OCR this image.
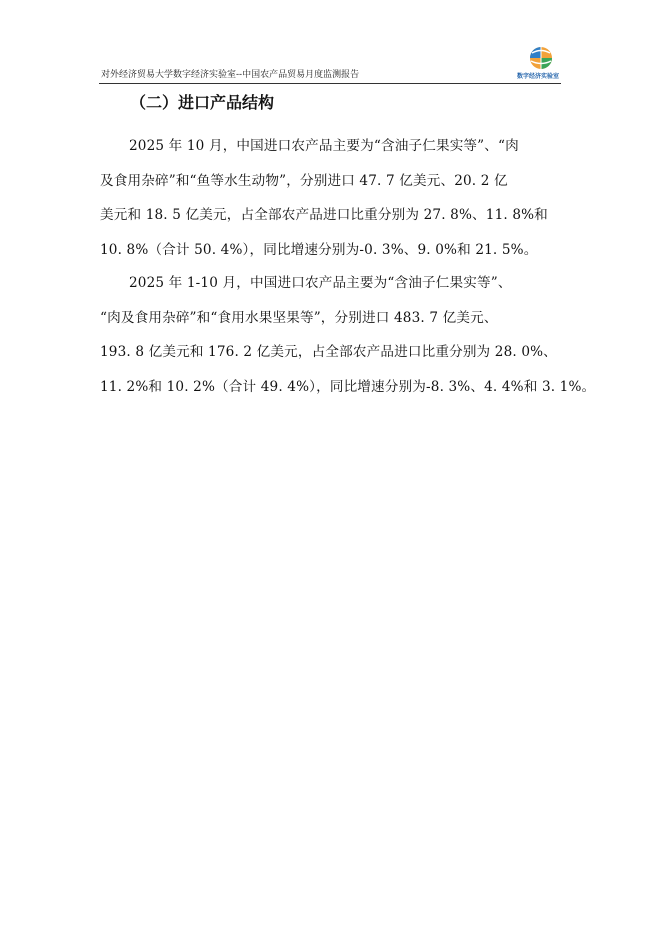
对外经济贸易大学数字经济实验室--中国农产品贸易月度监测报告	数字经济实验室
（二）进口产品结构
2025 年 10 月，中国进口农产品主要为“含油子仁果实等”、“肉
及食用杂碎”和“鱼等水生动物”，分别进口 47. 7 亿美元、20. 2 亿
美元和 18. 5 亿美元，占全部农产品进口比重分别为 27. 8%、11. 8%和
10. 8%（合计 50. 4%），同比增速分别为-0. 3%、9. 0%和 21. 5%。
2025 年 1-10 月，中国进口农产品主要为“含油子仁果实等”、
“肉及食用杂碎”和“食用水果坚果等”，分别进口 483. 7 亿美元、
193. 8 亿美元和 176. 2 亿美元，占全部农产品进口比重分别为 28. 0%、
11. 2%和 10. 2%（合计 49. 4%），同比增速分别为-8. 3%、4. 4%和 3. 1%。
